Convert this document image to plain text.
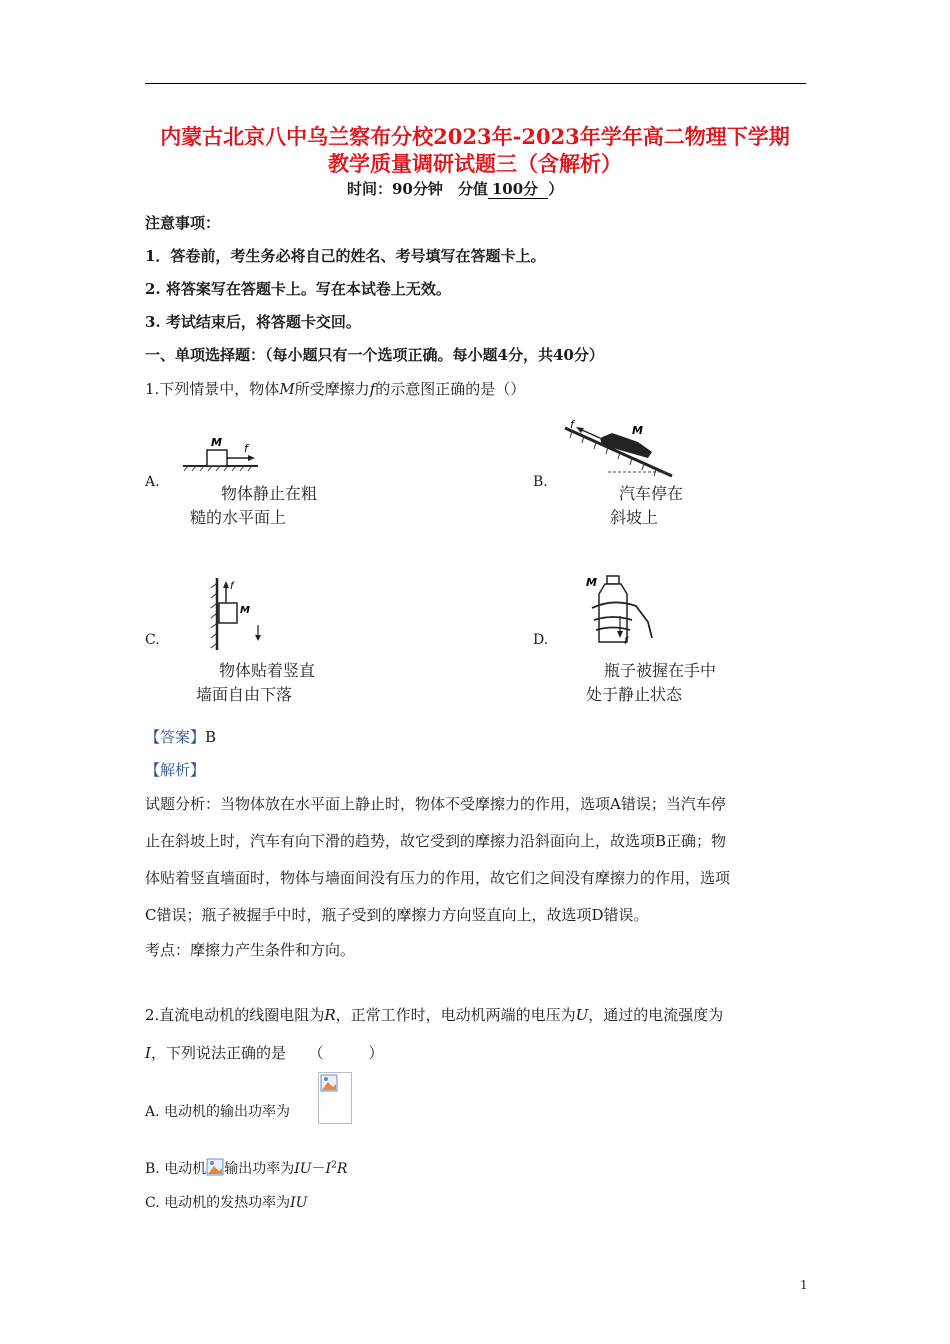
内蒙古北京八中乌兰察布分校2023年-2023年学年高二物理下学期
教学质量调研试题三（含解析）
时间：90分钟　分值 100分 ）
注意事项：
1．答卷前，考生务必将自己的姓名、考号填写在答题卡上。
2. 将答案写在答题卡上。写在本试卷上无效。
3. 考试结束后，将答题卡交回。
一、单项选择题：（每小题只有一个选项正确。每小题4分，共40分）
1.下列情景中，物体M所受摩擦力f的示意图正确的是（）
A.
M f
物体静止在粗
糙的水平面上
B.
f	M
汽车停在
斜坡上
C.
f
M
物体贴着竖直
墙面自由下落
D.
M
f
瓶子被握在手中
处于静止状态
【答案】B
【解析】
试题分析：当物体放在水平面上静止时，物体不受摩擦力的作用，选项A错误；当汽车停
止在斜坡上时，汽车有向下滑的趋势，故它受到的摩擦力沿斜面向上，故选项B正确；物
体贴着竖直墙面时，物体与墙面间没有压力的作用，故它们之间没有摩擦力的作用，选项
C错误；瓶子被握手中时，瓶子受到的摩擦力方向竖直向上，故选项D错误。
考点：摩擦力产生条件和方向。
2.直流电动机的线圈电阻为R，正常工作时，电动机两端的电压为U，通过的电流强度为
I，下列说法正确的是　　（　　　）
A. 电动机的输出功率为
B. 电动机 输出功率为$IU-I^2R$
C. 电动机的发热功率为IU
1
